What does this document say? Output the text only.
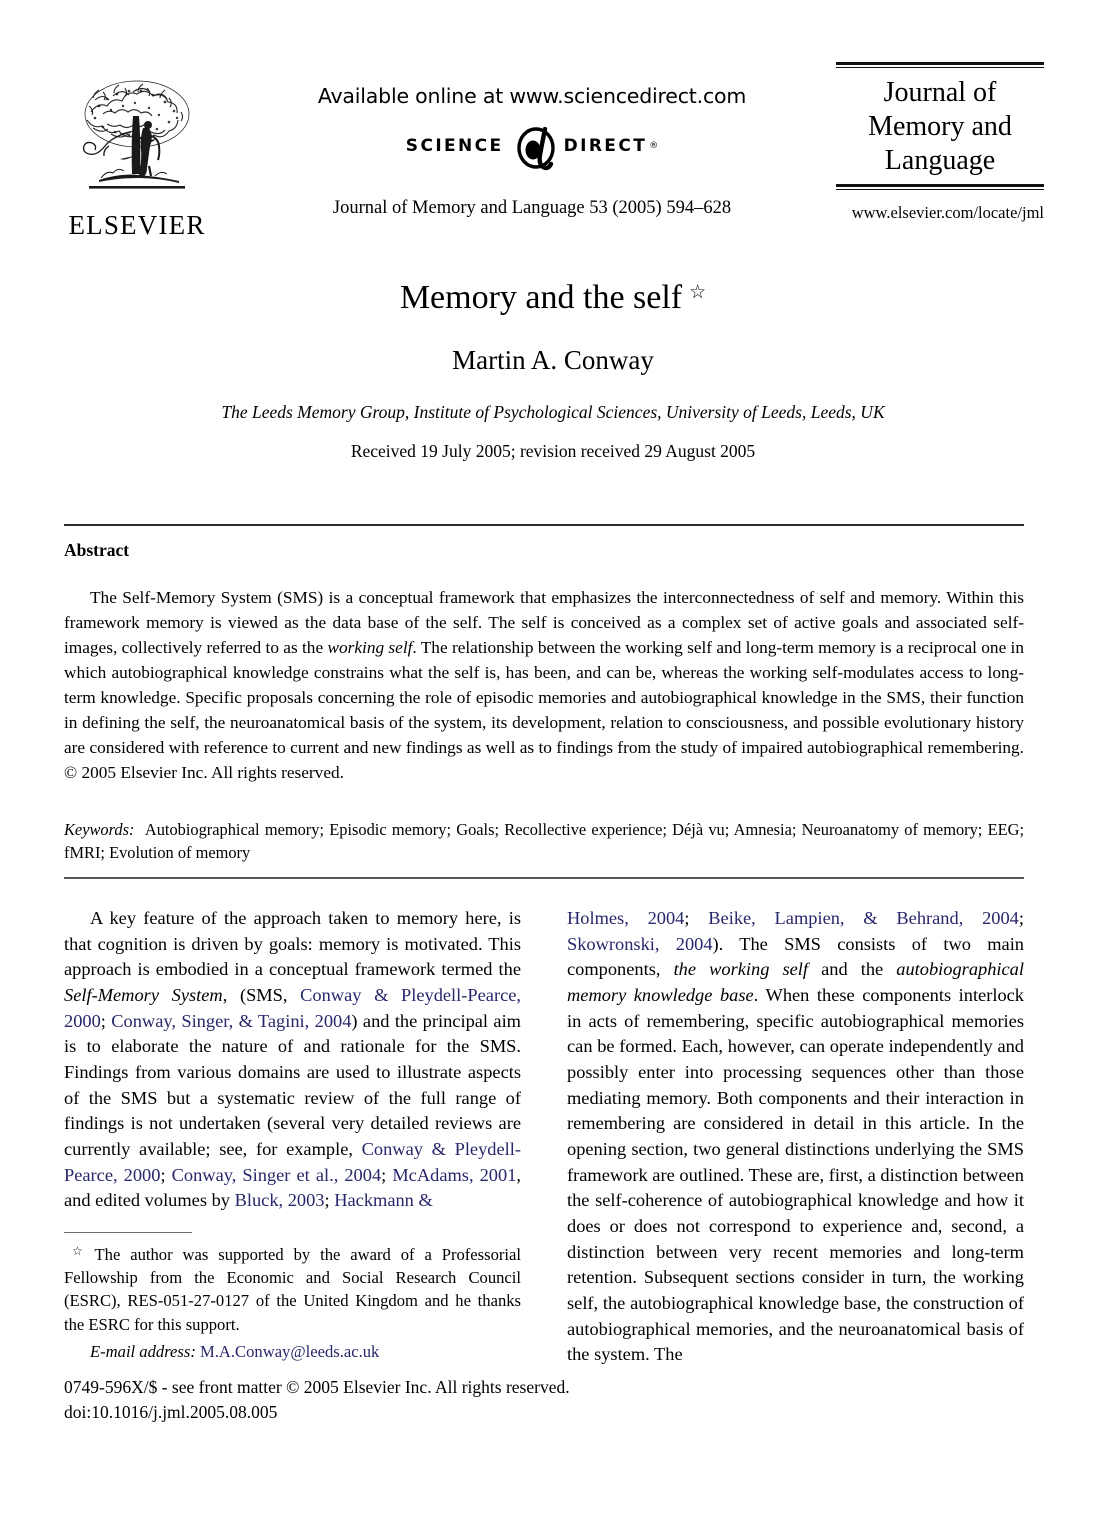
ELSEVIER
Available online at www.sciencedirect.com
SCIENCE	DIRECT ®
Journal of Memory and Language 53 (2005) 594–628
Journal of
Memory and
Language
www.elsevier.com/locate/jml
Memory and the self ☆
Martin A. Conway
The Leeds Memory Group, Institute of Psychological Sciences, University of Leeds, Leeds, UK
Received 19 July 2005; revision received 29 August 2005
Abstract

The Self-Memory System (SMS) is a conceptual framework that emphasizes the interconnectedness of self and memory. Within this framework memory is viewed as the data base of the self. The self is conceived as a complex set of active goals and associated self-images, collectively referred to as the working self. The relationship between the working self and long-term memory is a reciprocal one in which autobiographical knowledge constrains what the self is, has been, and can be, whereas the working self-modulates access to long-term knowledge. Specific proposals concerning the role of episodic memories and autobiographical knowledge in the SMS, their function in defining the self, the neuroanatomical basis of the system, its development, relation to consciousness, and possible evolutionary history are considered with reference to current and new findings as well as to findings from the study of impaired autobiographical remembering. © 2005 Elsevier Inc. All rights reserved.

Keywords: Autobiographical memory; Episodic memory; Goals; Recollective experience; Déjà vu; Amnesia; Neuroanatomy of memory; EEG; fMRI; Evolution of memory

A key feature of the approach taken to memory here, is that cognition is driven by goals: memory is motivated. This approach is embodied in a conceptual framework termed the Self-Memory System, (SMS, Conway & Pleydell-Pearce, 2000; Conway, Singer, & Tagini, 2004) and the principal aim is to elaborate the nature of and rationale for the SMS. Findings from various domains are used to illustrate aspects of the SMS but a systematic review of the full range of findings is not undertaken (several very detailed reviews are currently available; see, for example, Conway & Pleydell-Pearce, 2000; Conway, Singer et al., 2004; McAdams, 2001, and edited volumes by Bluck, 2003; Hackmann &

☆ The author was supported by the award of a Professorial Fellowship from the Economic and Social Research Council (ESRC), RES-051-27-0127 of the United Kingdom and he thanks the ESRC for this support.

E-mail address: M.A.Conway@leeds.ac.uk

Holmes, 2004; Beike, Lampien, & Behrand, 2004; Skowronski, 2004). The SMS consists of two main components, the working self and the autobiographical memory knowledge base. When these components interlock in acts of remembering, specific autobiographical memories can be formed. Each, however, can operate independently and possibly enter into processing sequences other than those mediating memory. Both components and their interaction in remembering are considered in detail in this article. In the opening section, two general distinctions underlying the SMS framework are outlined. These are, first, a distinction between the self-coherence of autobiographical knowledge and how it does or does not correspond to experience and, second, a distinction between very recent memories and long-term retention. Subsequent sections consider in turn, the working self, the autobiographical knowledge base, the construction of autobiographical memories, and the neuroanatomical basis of the system. The

0749-596X/$ - see front matter © 2005 Elsevier Inc. All rights reserved.
doi:10.1016/j.jml.2005.08.005
